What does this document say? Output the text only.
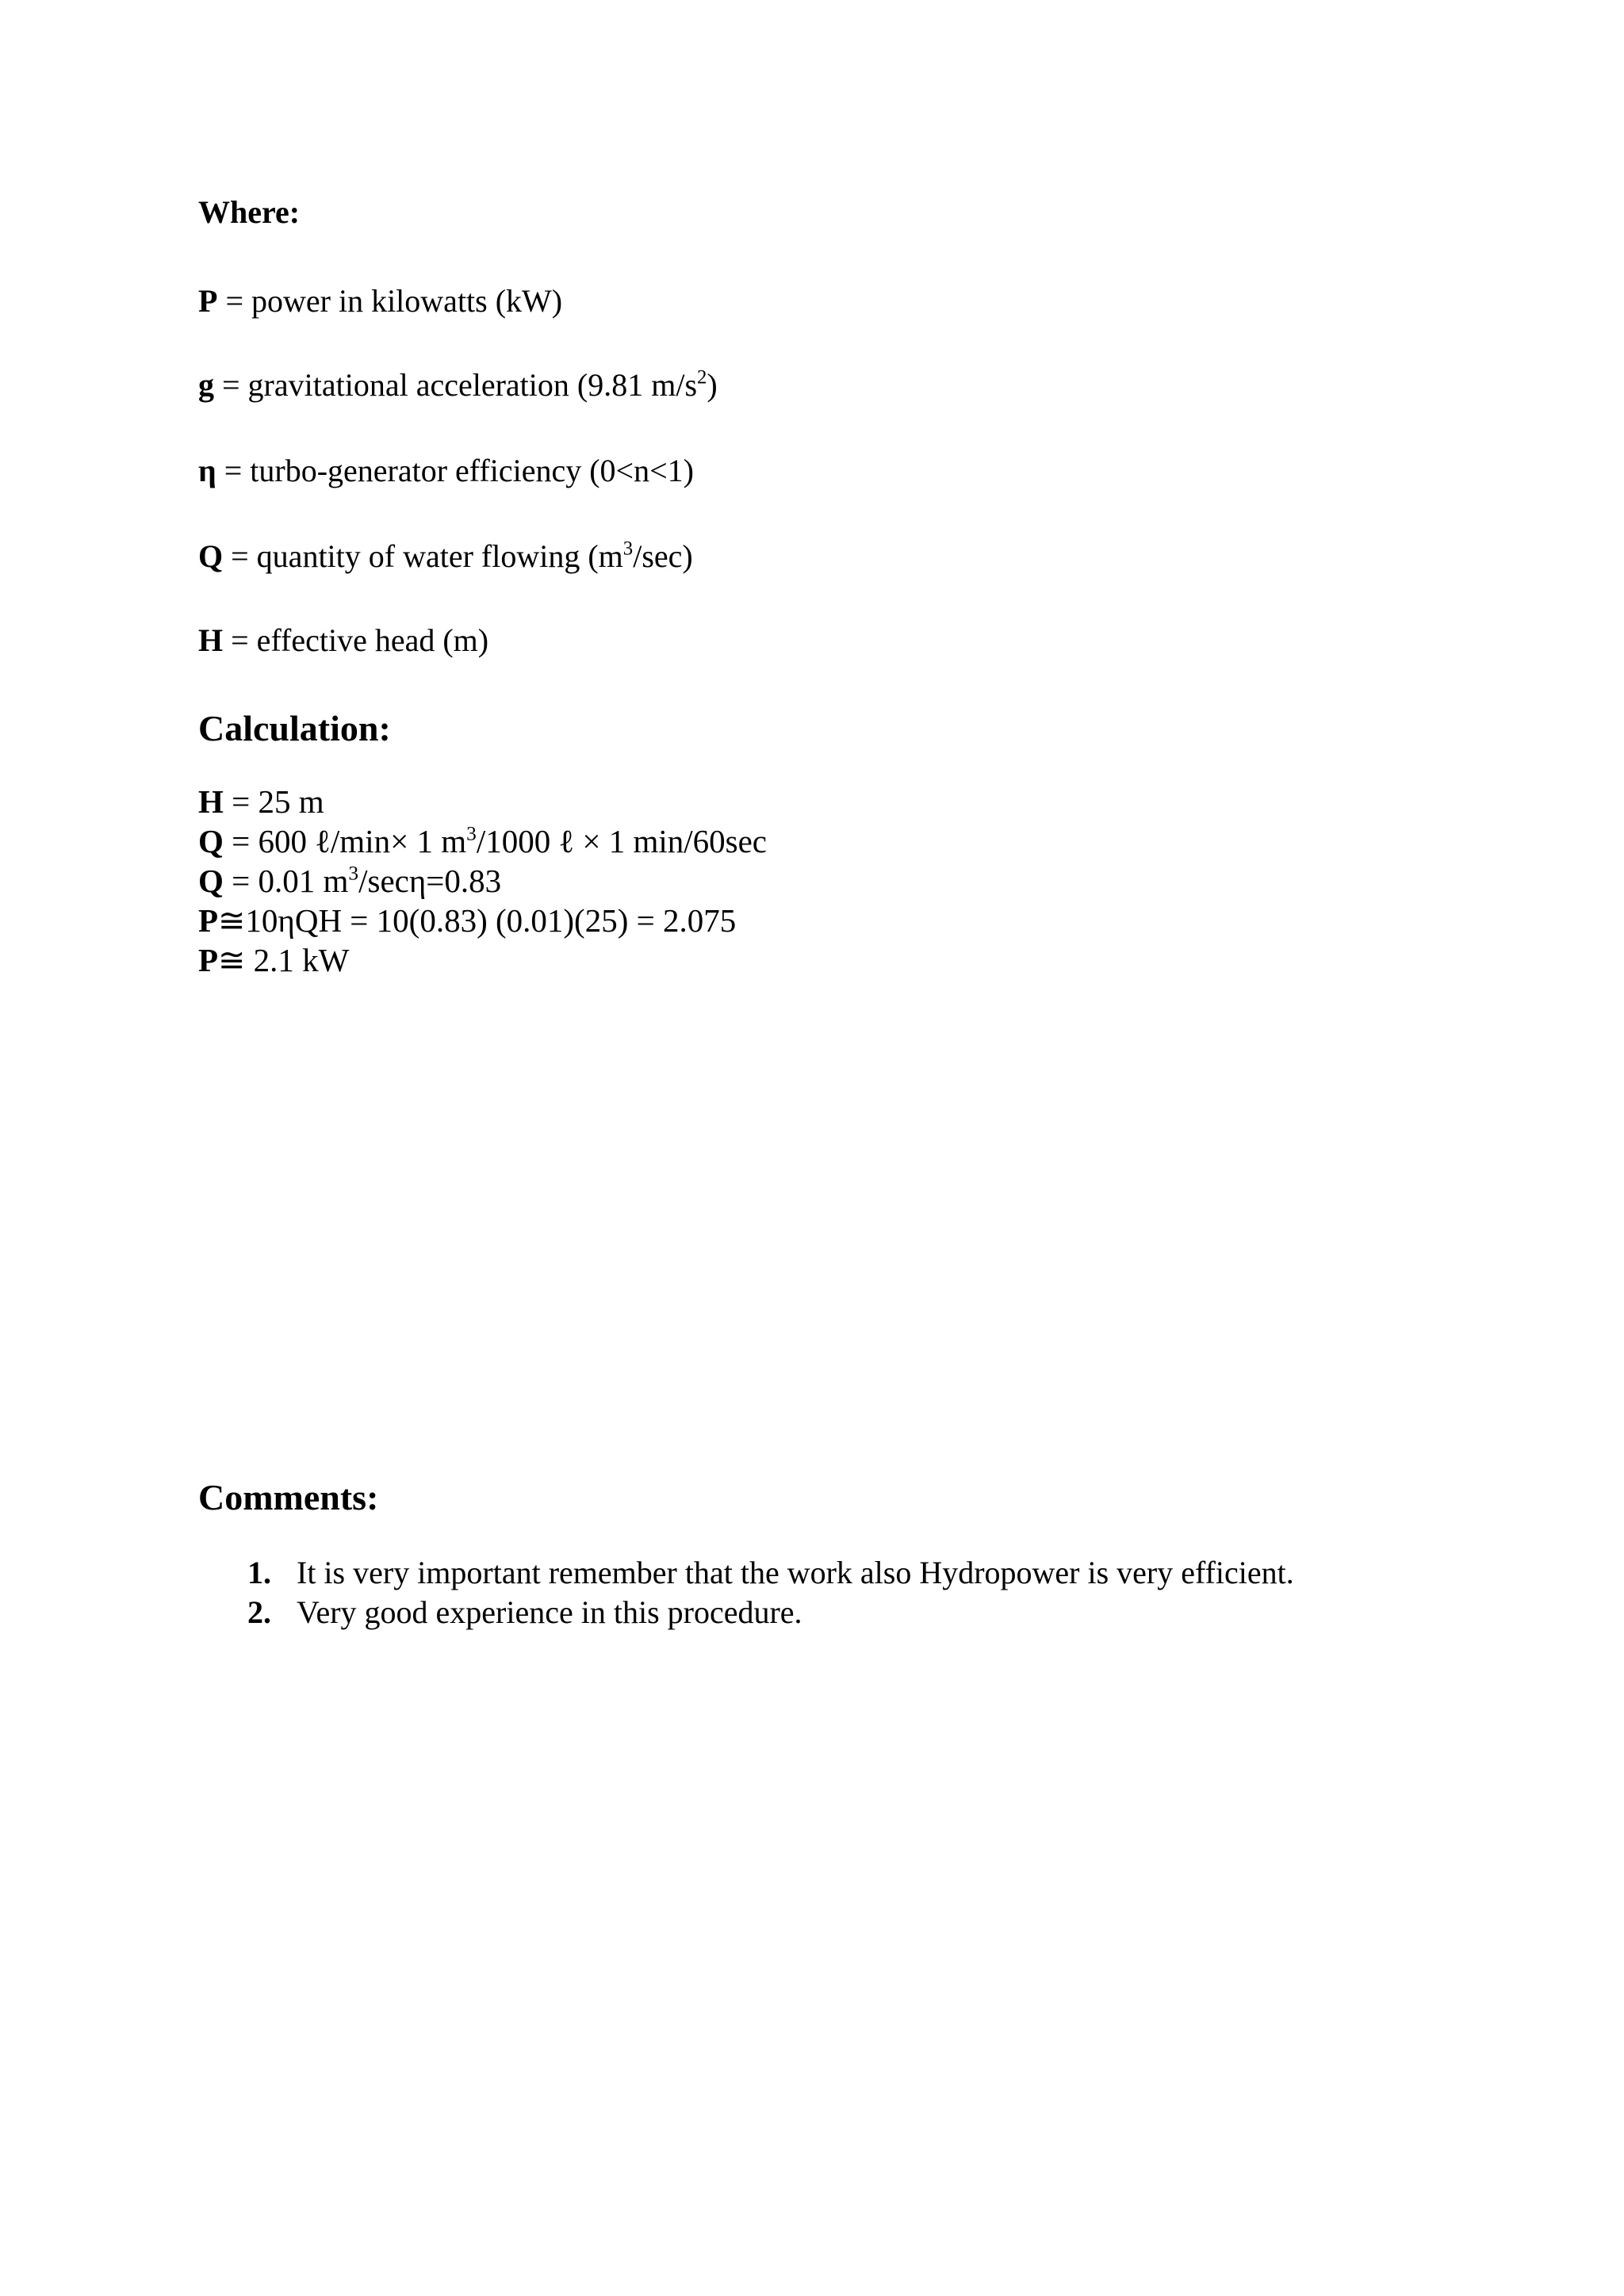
Where:
P = power in kilowatts (kW)
g = gravitational acceleration (9.81 $m/s^2$)
η = turbo-generator efficiency (0<n<1)
Q = quantity of water flowing $(m^3/\sec)$
H = effective head (m)
Calculation:
H = 25 m
Q = 600 ℓ/min× 1 $m^3/1000$ ℓ × 1 min/60sec
Q = 0.01 $m^3/\sec\eta=0.83$
P≅10ηQH = 10(0.83) (0.01)(25) = 2.075
P≅ 2.1 kW
Comments:
1. It is very important remember that the work also Hydropower is very efficient.
2. Very good experience in this procedure.
